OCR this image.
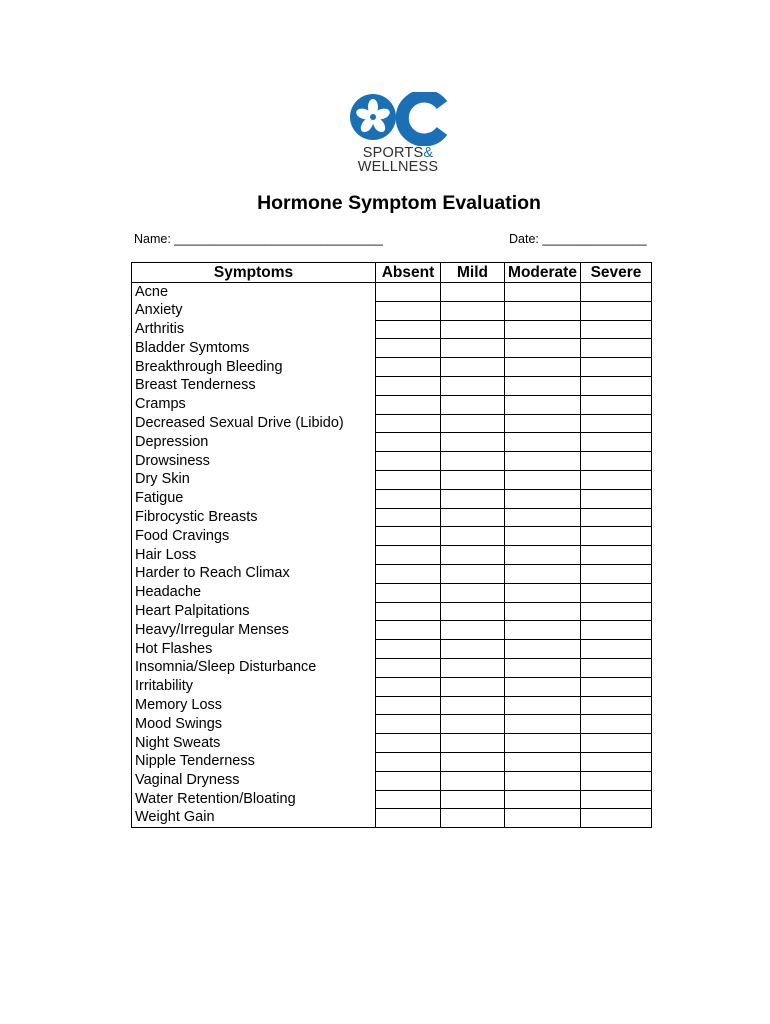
SPORTS&
WELLNESS
Hormone Symptom Evaluation
Name: ______________________________	Date: _______________
Symptoms	Absent	Mild	Moderate	Severe
Acne				
Anxiety				
Arthritis				
Bladder Symtoms				
Breakthrough Bleeding				
Breast Tenderness				
Cramps				
Decreased Sexual Drive (Libido)				
Depression				
Drowsiness				
Dry Skin				
Fatigue				
Fibrocystic Breasts				
Food Cravings				
Hair Loss				
Harder to Reach Climax				
Headache				
Heart Palpitations				
Heavy/Irregular Menses				
Hot Flashes				
Insomnia/Sleep Disturbance				
Irritability				
Memory Loss				
Mood Swings				
Night Sweats				
Nipple Tenderness				
Vaginal Dryness				
Water Retention/Bloating				
Weight Gain				
